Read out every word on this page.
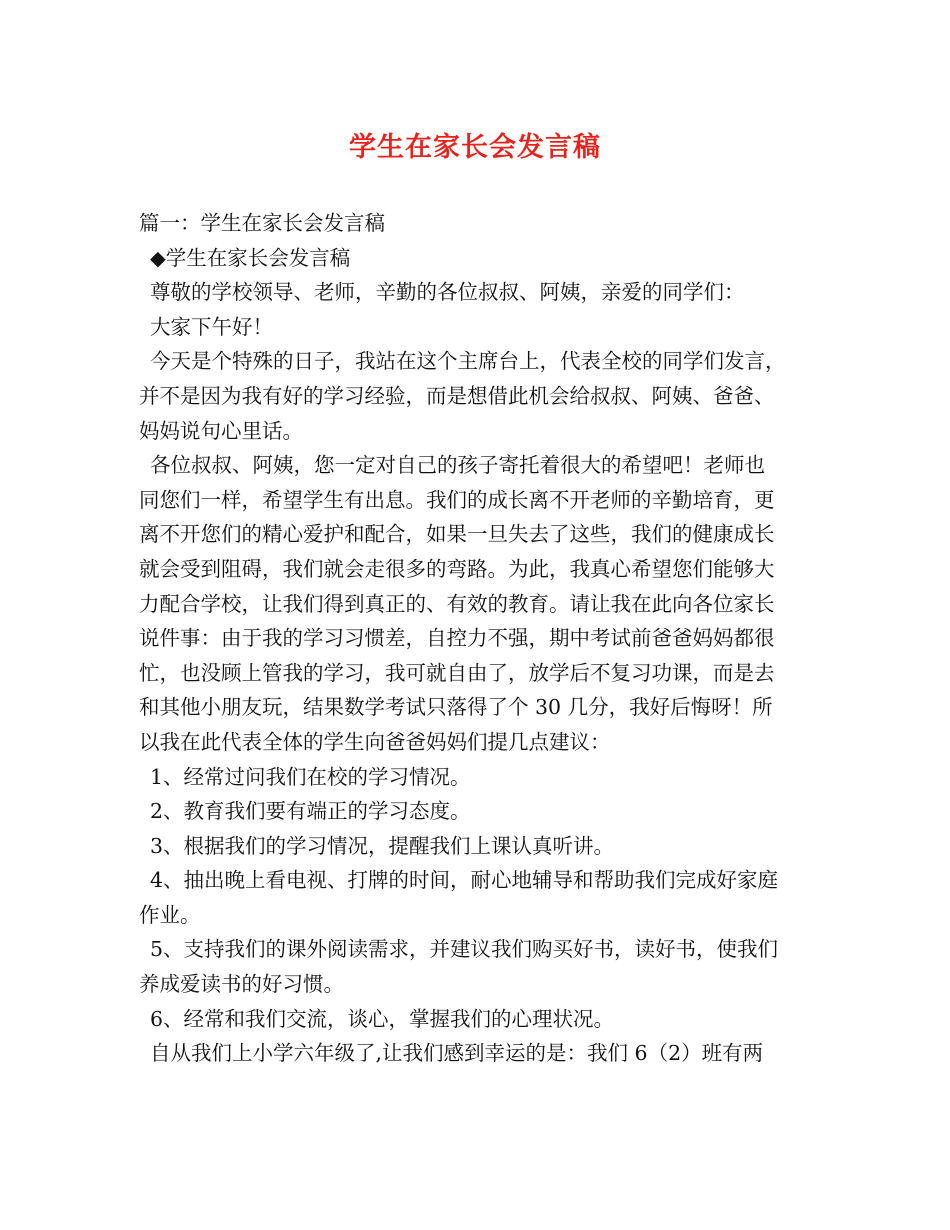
学生在家长会发言稿
篇一：学生在家长会发言稿
◆学生在家长会发言稿
尊敬的学校领导、老师，辛勤的各位叔叔、阿姨，亲爱的同学们：
大家下午好！
今天是个特殊的日子，我站在这个主席台上，代表全校的同学们发言，
并不是因为我有好的学习经验，而是想借此机会给叔叔、阿姨、爸爸、
妈妈说句心里话。
各位叔叔、阿姨，您一定对自己的孩子寄托着很大的希望吧！老师也
同您们一样，希望学生有出息。我们的成长离不开老师的辛勤培育，更
离不开您们的精心爱护和配合，如果一旦失去了这些，我们的健康成长
就会受到阻碍，我们就会走很多的弯路。为此，我真心希望您们能够大
力配合学校，让我们得到真正的、有效的教育。请让我在此向各位家长
说件事：由于我的学习习惯差，自控力不强，期中考试前爸爸妈妈都很
忙，也没顾上管我的学习，我可就自由了，放学后不复习功课，而是去
和其他小朋友玩，结果数学考试只落得了个 30 几分，我好后悔呀！所
以我在此代表全体的学生向爸爸妈妈们提几点建议：
1、经常过问我们在校的学习情况。
2、教育我们要有端正的学习态度。
3、根据我们的学习情况，提醒我们上课认真听讲。
4、抽出晚上看电视、打牌的时间，耐心地辅导和帮助我们完成好家庭
作业。
5、支持我们的课外阅读需求，并建议我们购买好书，读好书，使我们
养成爱读书的好习惯。
6、经常和我们交流，谈心，掌握我们的心理状况。
自从我们上小学六年级了,让我们感到幸运的是：我们 6（2）班有两
